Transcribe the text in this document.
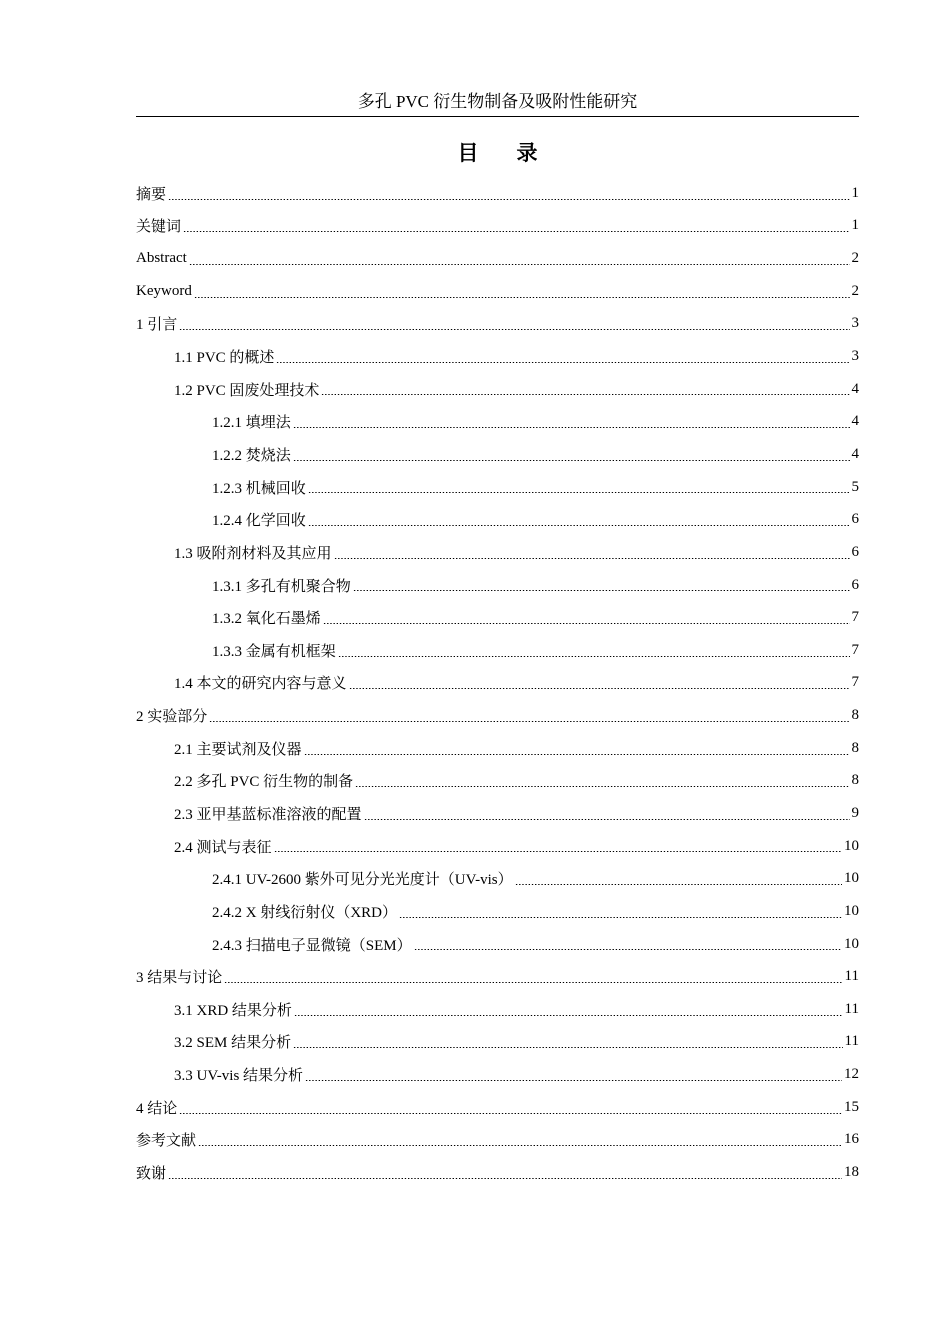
多孔 PVC 衍生物制备及吸附性能研究
目录
摘要	1
关键词	1
Abstract	2
Keyword	2
1 引言	3
1.1 PVC 的概述	3
1.2 PVC 固废处理技术	4
1.2.1 填埋法	4
1.2.2 焚烧法	4
1.2.3 机械回收	5
1.2.4 化学回收	6
1.3 吸附剂材料及其应用	6
1.3.1 多孔有机聚合物	6
1.3.2 氧化石墨烯	7
1.3.3 金属有机框架	7
1.4 本文的研究内容与意义	7
2 实验部分	8
2.1 主要试剂及仪器	8
2.2 多孔 PVC 衍生物的制备	8
2.3 亚甲基蓝标准溶液的配置	9
2.4 测试与表征	10
2.4.1 UV-2600 紫外可见分光光度计（UV-vis）	10
2.4.2 X 射线衍射仪（XRD）	10
2.4.3 扫描电子显微镜（SEM）	10
3 结果与讨论	11
3.1 XRD 结果分析	11
3.2 SEM 结果分析	11
3.3 UV-vis 结果分析	12
4 结论	15
参考文献	16
致谢	18
